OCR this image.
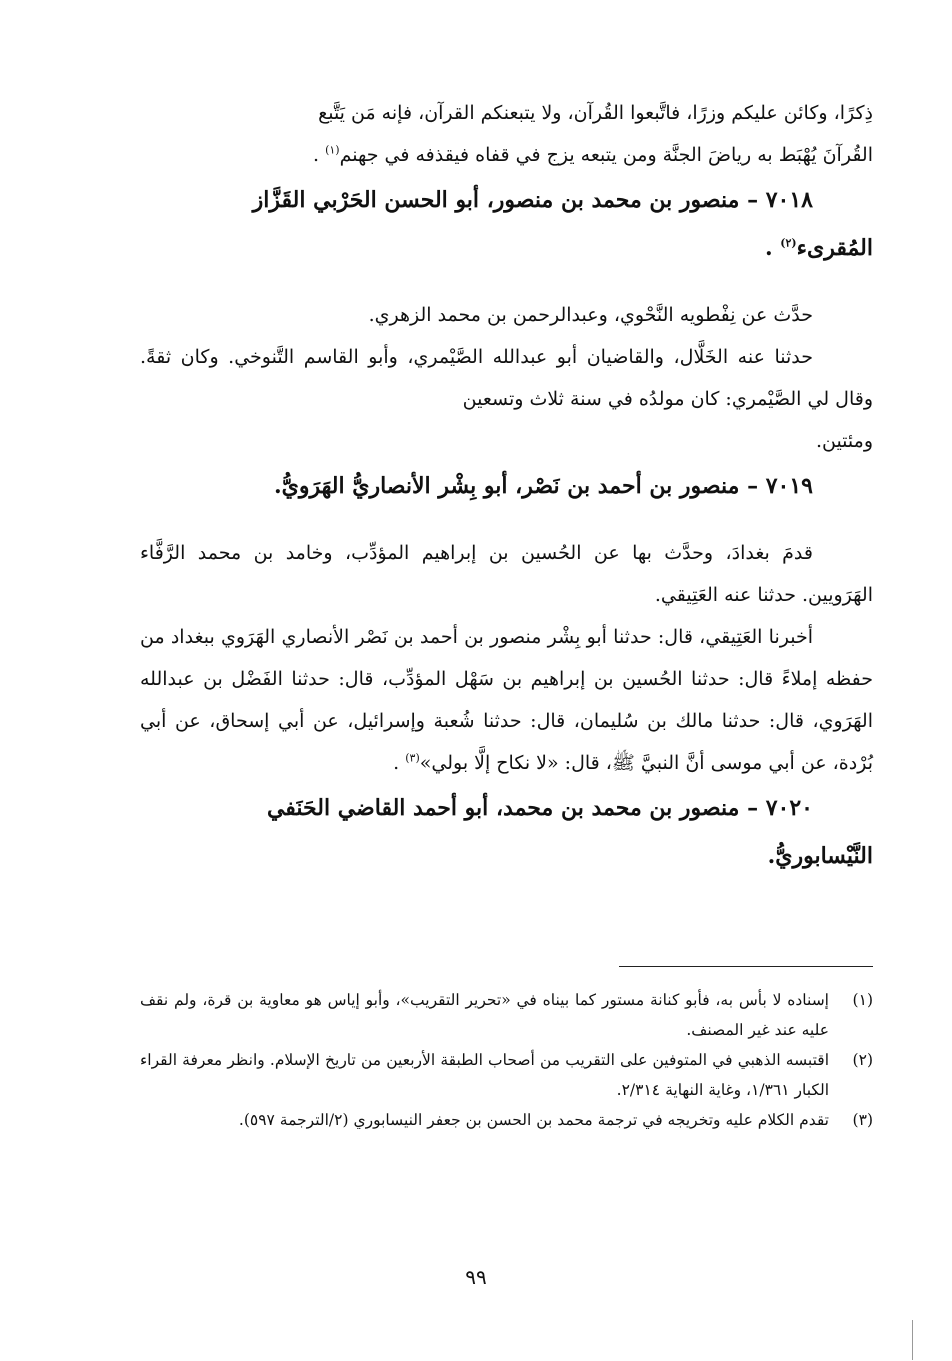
ذِكرًا، وكائن عليكم وزرًا، فاتَّبعوا القُرآن، ولا يتبعنكم القرآن، فإنه مَن يَتَّبع
القُرآنَ يُهْبَط به رياضَ الجنَّة ومن يتبعه يزج في قفاه فيقذفه في جهنم$^{(١)}$ .

٧٠١٨ – منصور بن محمد بن منصور، أبو الحسن الحَرْبي القَزَّاز
المُقرىء$^{(٢)}$ .

حدَّث عن نِفْطويه النَّحْوي، وعبدالرحمن بن محمد الزهري.

حدثنا عنه الخَلَّال، والقاضيان أبو عبدالله الصَّيْمري، وأبو القاسم التَّنوخي. وكان ثقةً. وقال لي الصَّيْمري: كان مولدُه في سنة ثلاث وتسعين
ومئتين.

٧٠١٩ – منصور بن أحمد بن نَصْر، أبو بِشْر الأنصاريُّ الهَرَويُّ.

قدمَ بغدادَ، وحدَّث بها عن الحُسين بن إبراهيم المؤدِّب، وخامد بن محمد الرَّفَّاء الهَرَويين. حدثنا عنه العَتِيقي.

أخبرنا العَتِيقي، قال: حدثنا أبو بِشْر منصور بن أحمد بن نَصْر الأنصاري الهَرَوي ببغداد من حفظه إملاءً قال: حدثنا الحُسين بن إبراهيم بن سَهْل المؤدِّب، قال: حدثنا الفَضْل بن عبدالله الهَرَوي، قال: حدثنا مالك بن سُليمان، قال: حدثنا شُعبة وإسرائيل، عن أبي إسحاق، عن أبي بُرْدة، عن أبي موسى أنَّ النبيَّ ﷺ، قال: «لا نكاح إلَّا بولي»$^{(٣)}$ .

٧٠٢٠ – منصور بن محمد بن محمد، أبو أحمد القاضي الحَنَفي
النَّيْسابوريُّ.

(١)
إسناده لا بأس به، فأبو كنانة مستور كما بيناه في «تحرير التقريب»، وأبو إياس هو معاوية بن قرة، ولم نقف عليه عند غير المصنف.
(٢)
اقتبسه الذهبي في المتوفين على التقريب من أصحاب الطبقة الأربعين من تاريخ الإسلام. وانظر معرفة القراء الكبار ١/٣٦١، وغاية النهاية ٢/٣١٤.
(٣)
تقدم الكلام عليه وتخريجه في ترجمة محمد بن الحسن بن جعفر النيسابوري (٢/الترجمة ٥٩٧).
٩٩
